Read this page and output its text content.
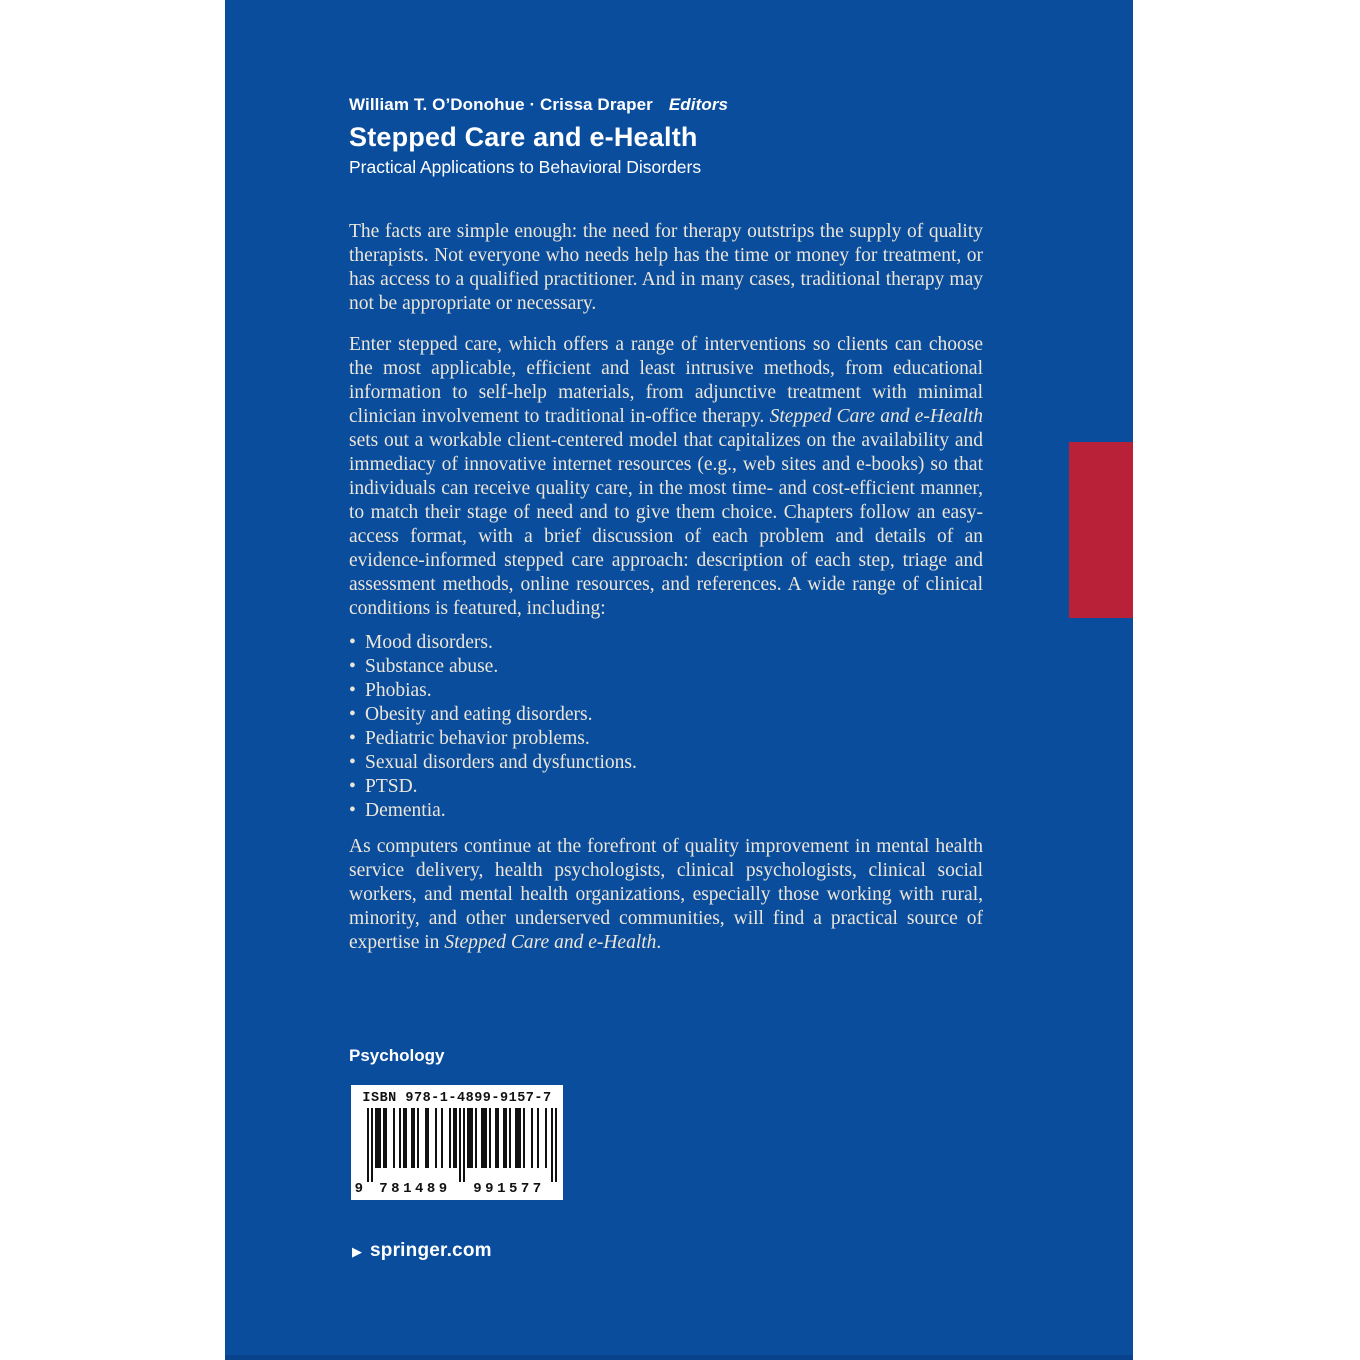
William T. O’Donohue · Crissa Draper Editors
Stepped Care and e-Health
Practical Applications to Behavioral Disorders

The facts are simple enough: the need for therapy outstrips the supply of quality therapists. Not everyone who needs help has the time or money for treatment, or has access to a qualified practitioner. And in many cases, traditional therapy may not be appropriate or necessary.

Enter stepped care, which offers a range of interventions so clients can choose the most applicable, efficient and least intrusive methods, from educational information to self-help materials, from adjunctive treatment with minimal clinician involvement to traditional in-office therapy. Stepped Care and e-Health sets out a workable client-centered model that capitalizes on the availability and immediacy of innovative internet resources (e.g., web sites and e-books) so that individuals can receive quality care, in the most time- and cost-efficient manner, to match their stage of need and to give them choice. Chapters follow an easy-access format, with a brief discussion of each problem and details of an evidence-informed stepped care approach: description of each step, triage and assessment methods, online resources, and references. A wide range of clinical conditions is featured, including:

• Mood disorders.
• Substance abuse.
• Phobias.
• Obesity and eating disorders.
• Pediatric behavior problems.
• Sexual disorders and dysfunctions.
• PTSD.
• Dementia.

As computers continue at the forefront of quality improvement in mental health service delivery, health psychologists, clinical psychologists, clinical social workers, and mental health organizations, especially those working with rural, minority, and other underserved communities, will find a practical source of expertise in Stepped Care and e-Health.

Psychology
ISBN 978-1-4899-9157-7
9 781489 991577
▶ springer.com
